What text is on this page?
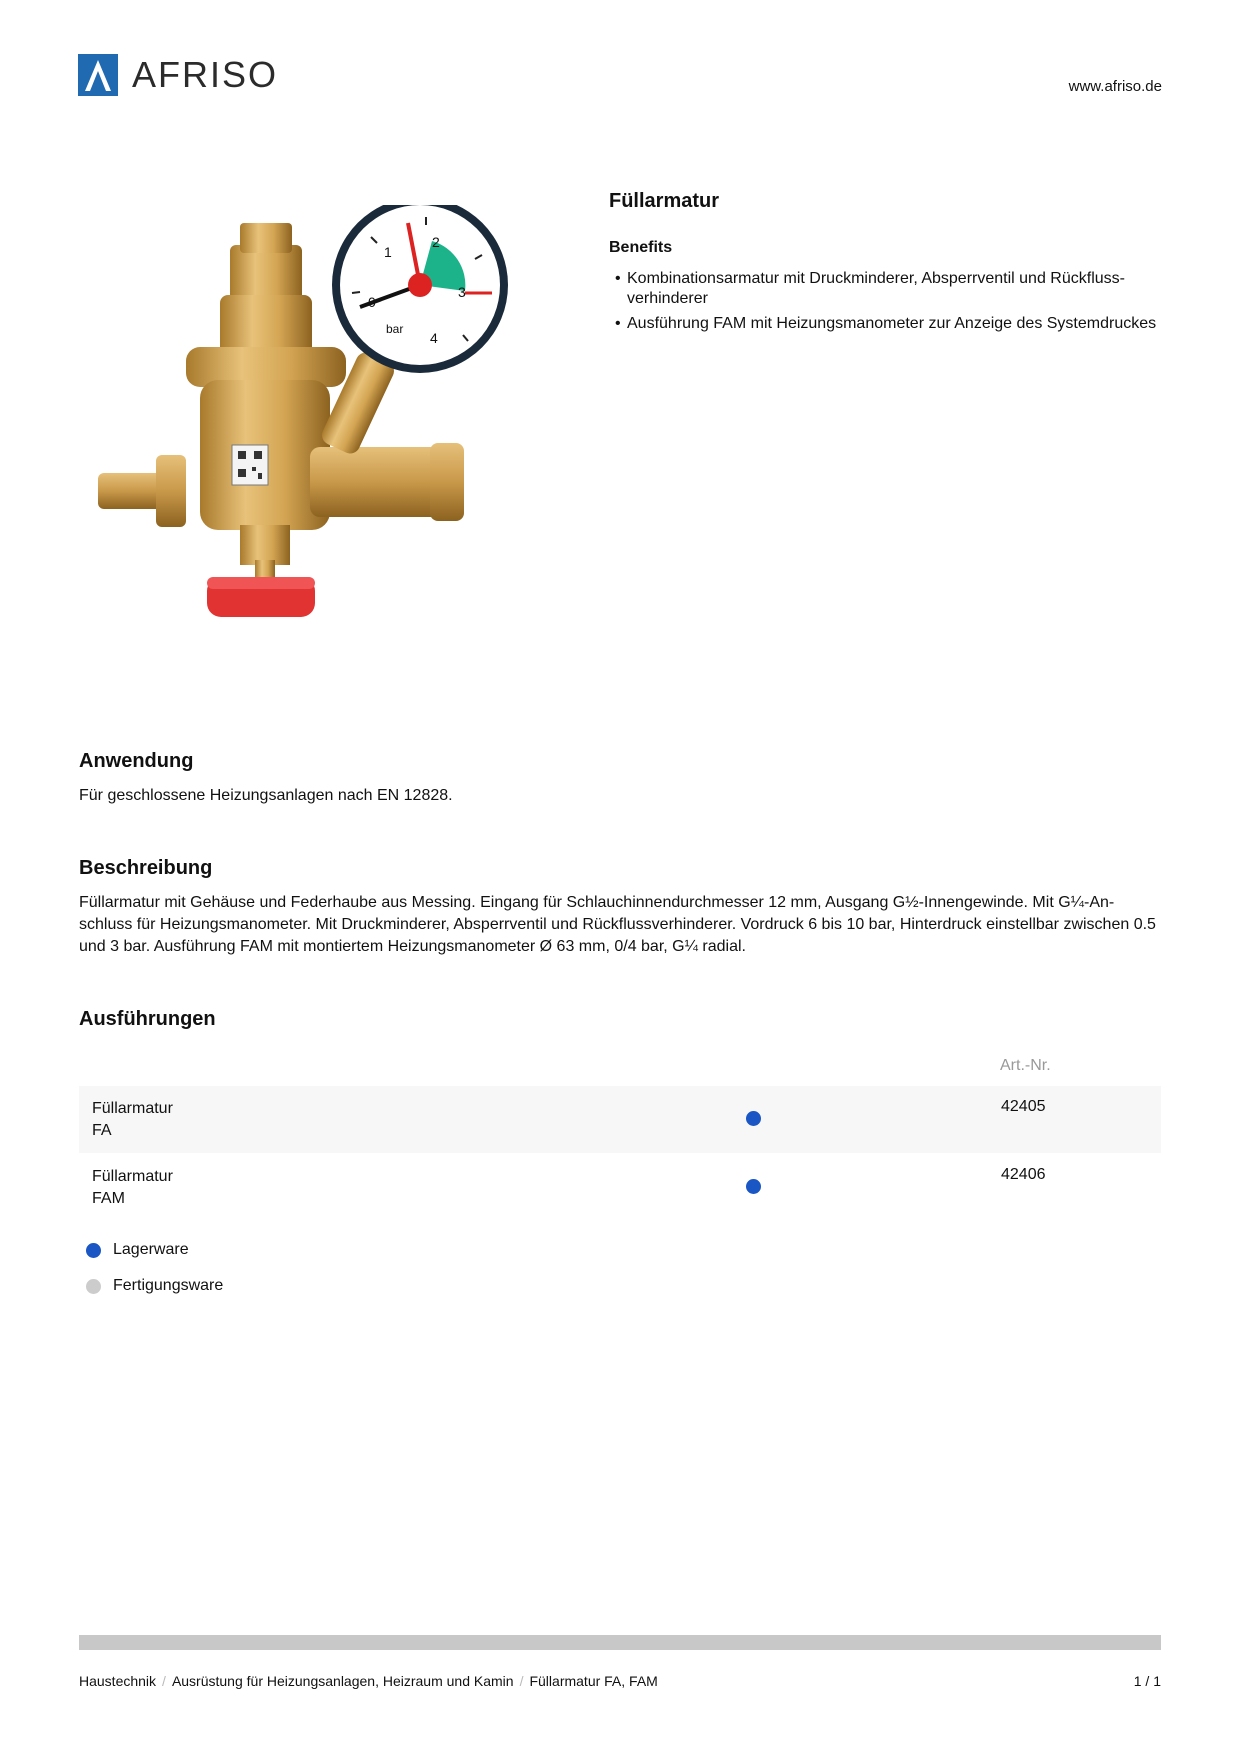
AFRISO	www.afriso.de
0
1
2
3
4
bar
Füllarmatur
Benefits
• Kombinationsarmatur mit Druckminderer, Absperrventil und Rückflussverhinderer
• Ausführung FAM mit Heizungsmanometer zur Anzeige des Systemdruckes
Anwendung

Für geschlossene Heizungsanlagen nach EN 12828.

Beschreibung

Füllarmatur mit Gehäuse und Federhaube aus Messing. Eingang für Schlauchinnendurchmesser 12 mm, Ausgang G½-Innengewinde. Mit G¼-Anschluss für Heizungsmanometer. Mit Druckminderer, Absperrventil und Rückflussverhinderer. Vordruck 6 bis 10 bar, Hinterdruck einstellbar zwischen 0.5 und 3 bar. Ausführung FAM mit montiertem Heizungsmanometer Ø 63 mm, 0/4 bar, G¼ radial.

Ausführungen
Art.-Nr.
Füllarmatur
FA
42405
Füllarmatur
FAM
42406
Lagerware
Fertigungsware
Haustechnik / Ausrüstung für Heizungsanlagen, Heizraum und Kamin / Füllarmatur FA, FAM	1 / 1
